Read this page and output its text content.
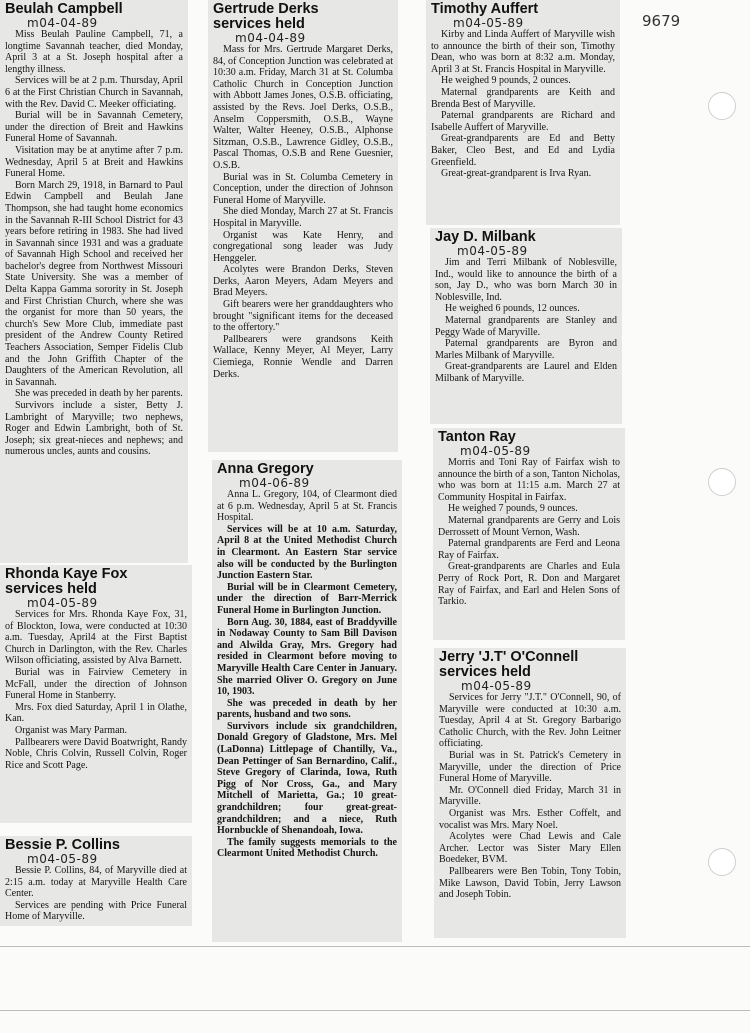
9679
Beulah Campbell
m04-04-89

Miss Beulah Pauline Campbell, 71, a longtime Savannah teacher, died Monday, April 3 at a St. Joseph hospital after a lengthy illness.

Services will be at 2 p.m. Thursday, April 6 at the First Christian Church in Savannah, with the Rev. David C. Meeker officiating.

Burial will be in Savannah Cemetery, under the direction of Breit and Hawkins Funeral Home of Savannah.

Visitation may be at anytime after 7 p.m. Wednesday, April 5 at Breit and Hawkins Funeral Home.

Born March 29, 1918, in Barnard to Paul Edwin Campbell and Beulah Jane Thompson, she had taught home economics in the Savannah R-III School District for 43 years before retiring in 1983. She had lived in Savannah since 1931 and was a graduate of Savannah High School and received her bachelor's degree from Northwest Missouri State University. She was a member of Delta Kappa Gamma sorority in St. Joseph and First Christian Church, where she was the organist for more than 50 years, the church's Sew More Club, immediate past president of the Andrew County Retired Teachers Association, Semper Fidelis Club and the John Griffith Chapter of the Daughters of the American Revolution, all in Savannah.

She was preceded in death by her parents.

Survivors include a sister, Betty J. Lambright of Maryville; two nephews, Roger and Edwin Lambright, both of St. Joseph; six great-nieces and nephews; and numerous uncles, aunts and cousins.

Rhonda Kaye Fox
services held
m04-05-89

Services for Mrs. Rhonda Kaye Fox, 31, of Blockton, Iowa, were conducted at 10:30 a.m. Tuesday, April4 at the First Baptist Church in Darlington, with the Rev. Charles Wilson officiating, assisted by Alva Barnett.

Burial was in Fairview Cemetery in McFall, under the direction of Johnson Funeral Home in Stanberry.

Mrs. Fox died Saturday, April 1 in Olathe, Kan.

Organist was Mary Parman.

Pallbearers were David Boatwright, Randy Noble, Chris Colvin, Russell Colvin, Roger Rice and Scott Page.

Bessie P. Collins
m04-05-89

Bessie P. Collins, 84, of Maryville died at 2:15 a.m. today at Maryville Health Care Center.

Services are pending with Price Funeral Home of Maryville.

Gertrude Derks
services held
m04-04-89

Mass for Mrs. Gertrude Margaret Derks, 84, of Conception Junction was celebrated at 10:30 a.m. Friday, March 31 at St. Columba Catholic Church in Conception Junction with Abbott James Jones, O.S.B. officiating, assisted by the Revs. Joel Derks, O.S.B., Anselm Coppersmith, O.S.B., Wayne Walter, Walter Heeney, O.S.B., Alphonse Sitzman, O.S.B., Lawrence Gidley, O.S.B., Pascal Thomas, O.S.B and Rene Guesnier, O.S.B.

Burial was in St. Columba Cemetery in Conception, under the direction of Johnson Funeral Home of Maryville.

She died Monday, March 27 at St. Francis Hospital in Maryville.

Organist was Kate Henry, and congregational song leader was Judy Henggeler.

Acolytes were Brandon Derks, Steven Derks, Aaron Meyers, Adam Meyers and Brad Meyers.

Gift bearers were her granddaughters who brought "significant items for the deceased to the offertory."

Pallbearers were grandsons Keith Wallace, Kenny Meyer, Al Meyer, Larry Ciemiega, Ronnie Wendle and Darren Derks.

Anna Gregory
m04-06-89

Anna L. Gregory, 104, of Clearmont died at 6 p.m. Wednesday, April 5 at St. Francis Hospital.

Services will be at 10 a.m. Saturday, April 8 at the United Methodist Church in Clearmont. An Eastern Star service also will be conducted by the Burlington Junction Eastern Star.

Burial will be in Clearmont Cemetery, under the direction of Barr-Merrick Funeral Home in Burlington Junction.

Born Aug. 30, 1884, east of Braddyville in Nodaway County to Sam Bill Davison and Alwilda Gray, Mrs. Gregory had resided in Clearmont before moving to Maryville Health Care Center in January. She married Oliver O. Gregory on June 10, 1903.

She was preceded in death by her parents, husband and two sons.

Survivors include six grandchildren, Donald Gregory of Gladstone, Mrs. Mel (LaDonna) Littlepage of Chantilly, Va., Dean Pettinger of San Bernardino, Calif., Steve Gregory of Clarinda, Iowa, Ruth Pigg of Nor Cross, Ga., and Mary Mitchell of Marietta, Ga.; 10 great-grandchildren; four great-great-grandchildren; and a niece, Ruth Hornbuckle of Shenandoah, Iowa.

The family suggests memorials to the Clearmont United Methodist Church.

Timothy Auffert
m04-05-89

Kirby and Linda Auffert of Maryville wish to announce the birth of their son, Timothy Dean, who was born at 8:32 a.m. Monday, April 3 at St. Francis Hospital in Maryville.

He weighed 9 pounds, 2 ounces.

Maternal grandparents are Keith and Brenda Best of Maryville.

Paternal grandparents are Richard and Isabelle Auffert of Maryville.

Great-grandparents are Ed and Betty Baker, Cleo Best, and Ed and Lydia Greenfield.

Great-great-grandparent is Irva Ryan.

Jay D. Milbank
m04-05-89

Jim and Terri Milbank of Noblesville, Ind., would like to announce the birth of a son, Jay D., who was born March 30 in Noblesville, Ind.

He weighed 6 pounds, 12 ounces.

Maternal grandparents are Stanley and Peggy Wade of Maryville.

Paternal grandparents are Byron and Marles Milbank of Maryville.

Great-grandparents are Laurel and Elden Milbank of Maryville.

Tanton Ray
m04-05-89

Morris and Toni Ray of Fairfax wish to announce the birth of a son, Tanton Nicholas, who was born at 11:15 a.m. March 27 at Community Hospital in Fairfax.

He weighed 7 pounds, 9 ounces.

Maternal grandparents are Gerry and Lois Derrossett of Mount Vernon, Wash.

Paternal grandparents are Ferd and Leona Ray of Fairfax.

Great-grandparents are Charles and Eula Perry of Rock Port, R. Don and Margaret Ray of Fairfax, and Earl and Helen Sons of Tarkio.

Jerry 'J.T' O'Connell
services held
m04-05-89

Services for Jerry "J.T." O'Connell, 90, of Maryville were conducted at 10:30 a.m. Tuesday, April 4 at St. Gregory Barbarigo Catholic Church, with the Rev. John Leitner officiating.

Burial was in St. Patrick's Cemetery in Maryville, under the direction of Price Funeral Home of Maryville.

Mr. O'Connell died Friday, March 31 in Maryville.

Organist was Mrs. Esther Coffelt, and vocalist was Mrs. Mary Noel.

Acolytes were Chad Lewis and Cale Archer. Lector was Sister Mary Ellen Boedeker, BVM.

Pallbearers were Ben Tobin, Tony Tobin, Mike Lawson, David Tobin, Jerry Lawson and Joseph Tobin.
